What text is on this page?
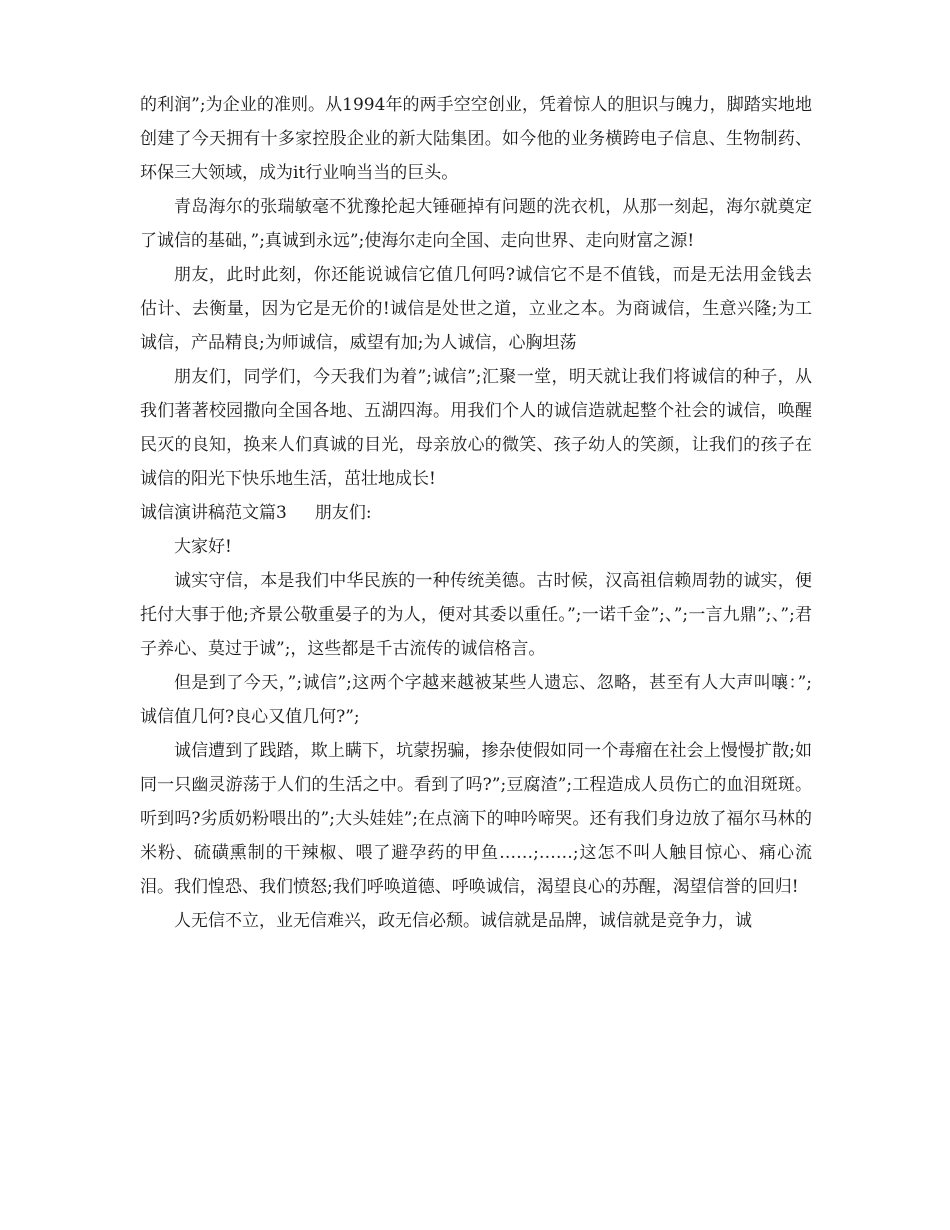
的利润”;为企业的准则。从1994年的两手空空创业，凭着惊人的胆识与魄力，脚踏实地地创建了今天拥有十多家控股企业的新大陆集团。如今他的业务横跨电子信息、生物制药、环保三大领域，成为it行业响当当的巨头。

青岛海尔的张瑞敏毫不犹豫抡起大锤砸掉有问题的洗衣机，从那一刻起，海尔就奠定了诚信的基础，”;真诚到永远”;使海尔走向全国、走向世界、走向财富之源!

朋友，此时此刻，你还能说诚信它值几何吗?诚信它不是不值钱，而是无法用金钱去估计、去衡量，因为它是无价的!诚信是处世之道，立业之本。为商诚信，生意兴隆;为工诚信，产品精良;为师诚信，威望有加;为人诚信，心胸坦荡

朋友们，同学们，今天我们为着”;诚信”;汇聚一堂，明天就让我们将诚信的种子，从我们著著校园撒向全国各地、五湖四海。用我们个人的诚信造就起整个社会的诚信，唤醒民灭的良知，换来人们真诚的目光，母亲放心的微笑、孩子幼人的笑颜，让我们的孩子在诚信的阳光下快乐地生活，茁壮地成长!

诚信演讲稿范文篇3 朋友们:

大家好!

诚实守信，本是我们中华民族的一种传统美德。古时候，汉高祖信赖周勃的诚实，便托付大事于他;齐景公敬重晏子的为人，便对其委以重任。”;一诺千金”;、”;一言九鼎”;、”;君子养心、莫过于诚”;，这些都是千古流传的诚信格言。

但是到了今天，”;诚信”;这两个字越来越被某些人遗忘、忽略，甚至有人大声叫嚷：”;诚信值几何?良心又值几何?”;

诚信遭到了践踏，欺上瞒下，坑蒙拐骗，掺杂使假如同一个毒瘤在社会上慢慢扩散;如同一只幽灵游荡于人们的生活之中。看到了吗?”;豆腐渣”;工程造成人员伤亡的血泪斑斑。听到吗?劣质奶粉喂出的”;大头娃娃”;在点滴下的呻吟啼哭。还有我们身边放了福尔马林的米粉、硫磺熏制的干辣椒、喂了避孕药的甲鱼……;……;这怎不叫人触目惊心、痛心流泪。我们惶恐、我们愤怒;我们呼唤道德、呼唤诚信，渴望良心的苏醒，渴望信誉的回归!

人无信不立，业无信难兴，政无信必颓。诚信就是品牌，诚信就是竞争力，诚
